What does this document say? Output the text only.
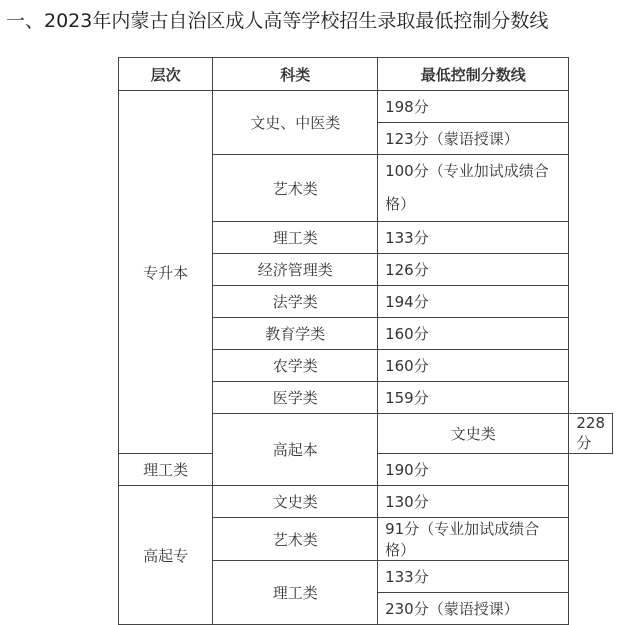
一、2023年内蒙古自治区成人高等学校招生录取最低控制分数线
层次	科类	最低控制分数线	
专升本	文史、中医类	198分	
		123分（蒙语授课）	
	艺术类	100分（专业加试成绩合格）	
	理工类	133分	
	经济管理类	126分	
	法学类	194分	
	教育学类	160分	
	农学类	160分	
	医学类	159分	
	高起本	文史类	228分
理工类		190分	
高起专	文史类	130分	
	艺术类	91分（专业加试成绩合格）	
	理工类	133分	
		230分（蒙语授课）	
